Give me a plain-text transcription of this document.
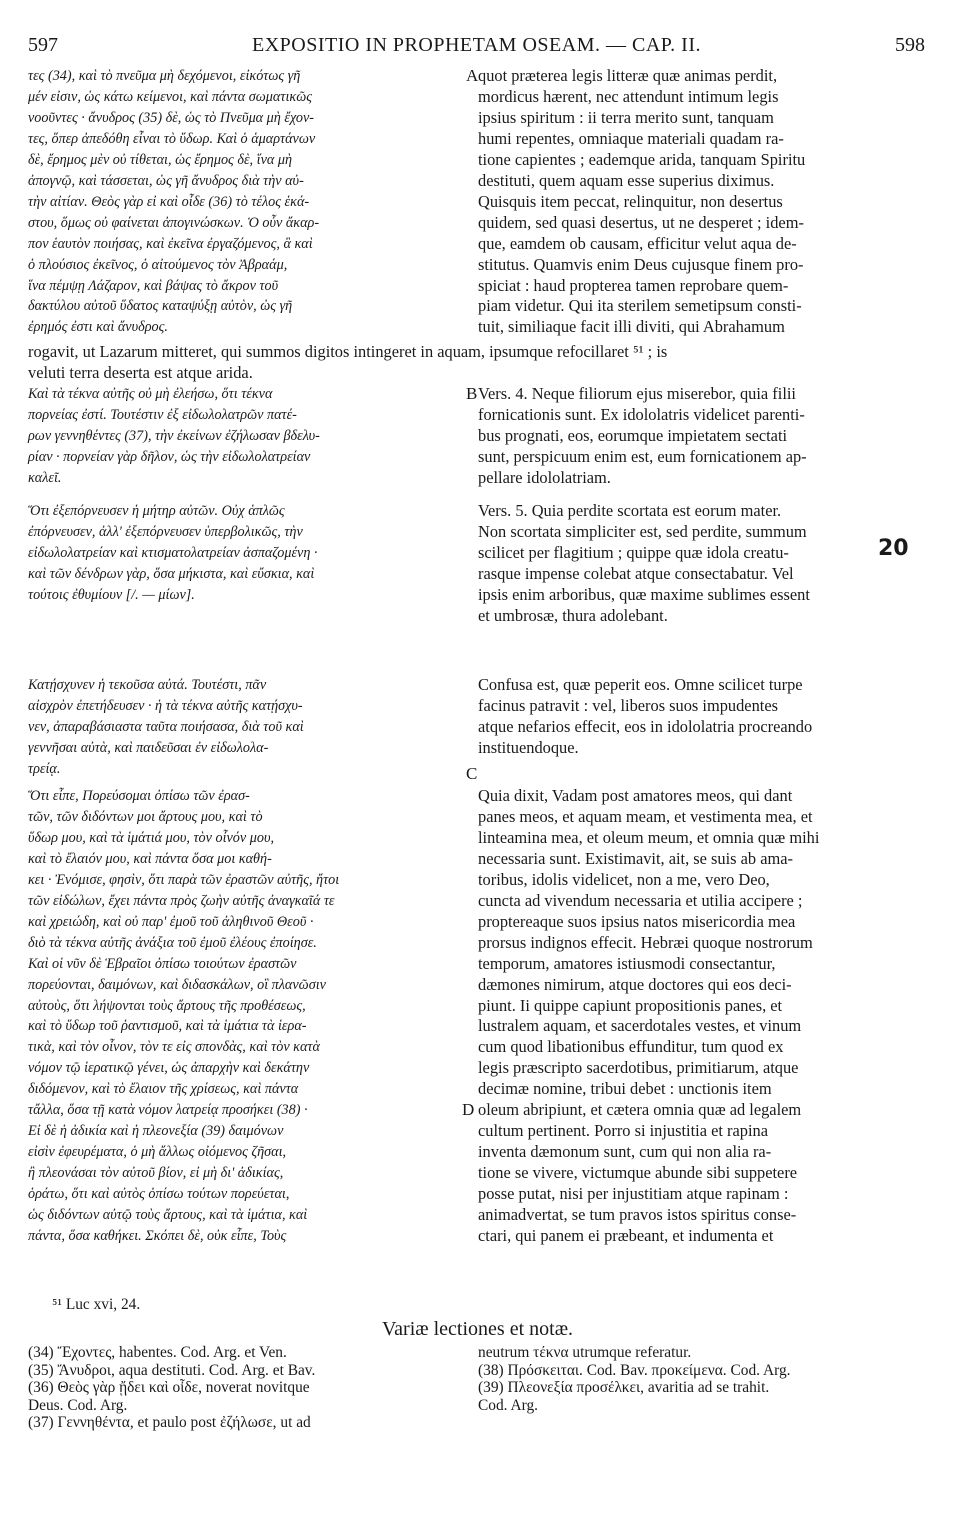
597	EXPOSITIO IN PROPHETAM OSEAM. — CAP. II.	598
τες (34), καὶ τὸ πνεῦμα μὴ δεχόμενοι, εἰκότως γῆ
μέν εἰσιν, ὡς κάτω κείμενοι, καὶ πάντα σωματικῶς
νοοῦντες · ἄνυδρος (35) δὲ, ὡς τὸ Πνεῦμα μὴ ἔχον-
τες, ὅπερ ἀπεδόθη εἶναι τὸ ὕδωρ. Καὶ ὁ ἁμαρτάνων
δὲ, ἔρημος μὲν οὐ τίθεται, ὡς ἔρημος δὲ, ἵνα μὴ
ἀπογνῷ, καὶ τάσσεται, ὡς γῆ ἄνυδρος διὰ τὴν αὐ-
τὴν αἰτίαν. Θεὸς γὰρ εἰ καὶ οἶδε (36) τὸ τέλος ἑκά-
στου, ὅμως οὐ φαίνεται ἀπογινώσκων. Ὁ οὖν ἄκαρ-
πον ἑαυτὸν ποιήσας, καὶ ἐκεῖνα ἐργαζόμενος, ἃ καὶ
ὁ πλούσιος ἐκεῖνος, ὁ αἰτούμενος τὸν Ἀβραάμ,
ἵνα πέμψῃ Λάζαρον, καὶ βάψας τὸ ἄκρον τοῦ
δακτύλου αὐτοῦ ὕδατος καταψύξῃ αὐτὸν, ὡς γῆ
ἐρημός ἐστι καὶ ἄνυδρος.
A quot præterea legis litteræ quæ animas perdit,
mordicus hærent, nec attendunt intimum legis
ipsius spiritum : ii terra merito sunt, tanquam
humi repentes, omniaque materiali quadam ra-
tione capientes ; eademque arida, tanquam Spiritu
destituti, quem aquam esse superius diximus.
Quisquis item peccat, relinquitur, non desertus
quidem, sed quasi desertus, ut ne desperet ; idem-
que, eamdem ob causam, efficitur velut aqua de-
stitutus. Quamvis enim Deus cujusque finem pro-
spiciat : haud propterea tamen reprobare quem-
piam videtur. Qui ita sterilem semetipsum consti-
tuit, similiaque facit illi diviti, qui Abrahamum
rogavit, ut Lazarum mitteret, qui summos digitos intingeret in aquam, ipsumque refocillaret ⁵¹ ; is
veluti terra deserta est atque arida.
Καὶ τὰ τέκνα αὐτῆς οὐ μὴ ἐλεήσω, ὅτι τέκνα
πορνείας ἐστί. Τουτέστιν ἐξ εἰδωλολατρῶν πατέ-
ρων γεννηθέντες (37), τὴν ἐκείνων ἐζήλωσαν βδελυ-
ρίαν · πορνείαν γὰρ δῆλον, ὡς τὴν εἰδωλολατρείαν
καλεῖ.
Ὅτι ἐξεπόρνευσεν ἡ μήτηρ αὐτῶν. Οὐχ ἁπλῶς
ἐπόρνευσεν, ἀλλ' ἐξεπόρνευσεν ὑπερβολικῶς, τὴν
εἰδωλολατρείαν καὶ κτισματολατρείαν ἀσπαζομένη ·
καὶ τῶν δένδρων γὰρ, ὅσα μήκιστα, καὶ εὔσκια, καὶ
τούτοις ἐθυμίουν [/. — μίων].
B Vers. 4. Neque filiorum ejus miserebor, quia filii
fornicationis sunt. Ex idololatris videlicet parenti-
bus prognati, eos, eorumque impietatem sectati
sunt, perspicuum enim est, eum fornicationem ap-
pellare idololatriam.
Vers. 5. Quia perdite scortata est eorum mater.
Non scortata simpliciter est, sed perdite, summum
scilicet per flagitium ; quippe quæ idola creatu-
rasque impense colebat atque consectabatur. Vel
ipsis enim arboribus, quæ maxime sublimes essent
et umbrosæ, thura adolebant.
20
Κατῄσχυνεν ἡ τεκοῦσα αὐτά. Τουτέστι, πᾶν
αἰσχρὸν ἐπετήδευσεν · ἡ τὰ τέκνα αὐτῆς κατῄσχυ-
νεν, ἀπαραβάσιαστα ταῦτα ποιήσασα, διὰ τοῦ καὶ
γεννῆσαι αὐτὰ, καὶ παιδεῦσαι ἐν εἰδωλολα-
τρείᾳ.
Confusa est, quæ peperit eos. Omne scilicet turpe
facinus patravit : vel, liberos suos impudentes
atque nefarios effecit, eos in idololatria procreando
instituendoque.
C
Ὅτι εἶπε, Πορεύσομαι ὀπίσω τῶν ἐρασ-
τῶν, τῶν διδόντων μοι ἄρτους μου, καὶ τὸ
ὕδωρ μου, καὶ τὰ ἱμάτιά μου, τὸν οἶνόν μου,
καὶ τὸ ἔλαιόν μου, καὶ πάντα ὅσα μοι καθή-
κει · Ἐνόμισε, φησὶν, ὅτι παρὰ τῶν ἐραστῶν αὐτῆς, ἤτοι
τῶν εἰδώλων, ἔχει πάντα πρὸς ζωὴν αὐτῆς ἀναγκαῖά τε
καὶ χρειώδη, καὶ οὐ παρ' ἐμοῦ τοῦ ἀληθινοῦ Θεοῦ ·
διὸ τὰ τέκνα αὐτῆς ἀνάξια τοῦ ἐμοῦ ἐλέους ἐποίησε.
Καὶ οἱ νῦν δὲ Ἑβραῖοι ὀπίσω τοιούτων ἐραστῶν
πορεύονται, δαιμόνων, καὶ διδασκάλων, οἳ πλανῶσιν
αὐτοὺς, ὅτι λήψονται τοὺς ἄρτους τῆς προθέσεως,
καὶ τὸ ὕδωρ τοῦ ῥαντισμοῦ, καὶ τὰ ἱμάτια τὰ ἱερα-
τικὰ, καὶ τὸν οἶνον, τὸν τε εἰς σπονδὰς, καὶ τὸν κατὰ
νόμον τῷ ἱερατικῷ γένει, ὡς ἀπαρχὴν καὶ δεκάτην
διδόμενον, καὶ τὸ ἔλαιον τῆς χρίσεως, καὶ πάντα
τἄλλα, ὅσα τῇ κατὰ νόμον λατρείᾳ προσήκει (38) ·
Εἰ δὲ ἡ ἀδικία καὶ ἡ πλεονεξία (39) δαιμόνων
εἰσὶν ἐφευρέματα, ὁ μὴ ἄλλως οἰόμενος ζῆσαι,
ἢ πλεονάσαι τὸν αὐτοῦ βίον, εἰ μὴ δι' ἀδικίας,
ὁράτω, ὅτι καὶ αὐτὸς ὀπίσω τούτων πορεύεται,
ὡς διδόντων αὐτῷ τοὺς ἄρτους, καὶ τὰ ἱμάτια, καὶ
πάντα, ὅσα καθήκει. Σκόπει δὲ, οὐκ εἶπε, Τοὺς
Quia dixit, Vadam post amatores meos, qui dant
panes meos, et aquam meam, et vestimenta mea, et
linteamina mea, et oleum meum, et omnia quæ mihi
necessaria sunt. Existimavit, ait, se suis ab ama-
toribus, idolis videlicet, non a me, vero Deo,
cuncta ad vivendum necessaria et utilia accipere ;
proptereaque suos ipsius natos misericordia mea
prorsus indignos effecit. Hebræi quoque nostrorum
temporum, amatores istiusmodi consectantur,
dæmones nimirum, atque doctores qui eos deci-
piunt. Ii quippe capiunt propositionis panes, et
lustralem aquam, et sacerdotales vestes, et vinum
cum quod libationibus effunditur, tum quod ex
legis præscripto sacerdotibus, primitiarum, atque
decimæ nomine, tribui debet : unctionis item
oleum abripiunt, et cætera omnia quæ ad legalem
cultum pertinent. Porro si injustitia et rapina
inventa dæmonum sunt, cum qui non alia ra-
tione se vivere, victumque abunde sibi suppetere
posse putat, nisi per injustitiam atque rapinam :
animadvertat, se tum pravos istos spiritus conse-
ctari, qui panem ei præbeant, et indumenta et
D
⁵¹ Luc xvi, 24.
Variæ lectiones et notæ.
(34) Ἔχοντες, habentes. Cod. Arg. et Ven.
(35) Ἄνυδροι, aqua destituti. Cod. Arg. et Bav.
(36) Θεὸς γὰρ ᾔδει καὶ οἶδε, noverat novitque
Deus. Cod. Arg.
(37) Γεννηθέντα, et paulo post ἐζήλωσε, ut ad
neutrum τέκνα utrumque referatur.
(38) Πρόσκειται. Cod. Bav. προκείμενα. Cod. Arg.
(39) Πλεονεξία προσέλκει, avaritia ad se trahit.
Cod. Arg.
